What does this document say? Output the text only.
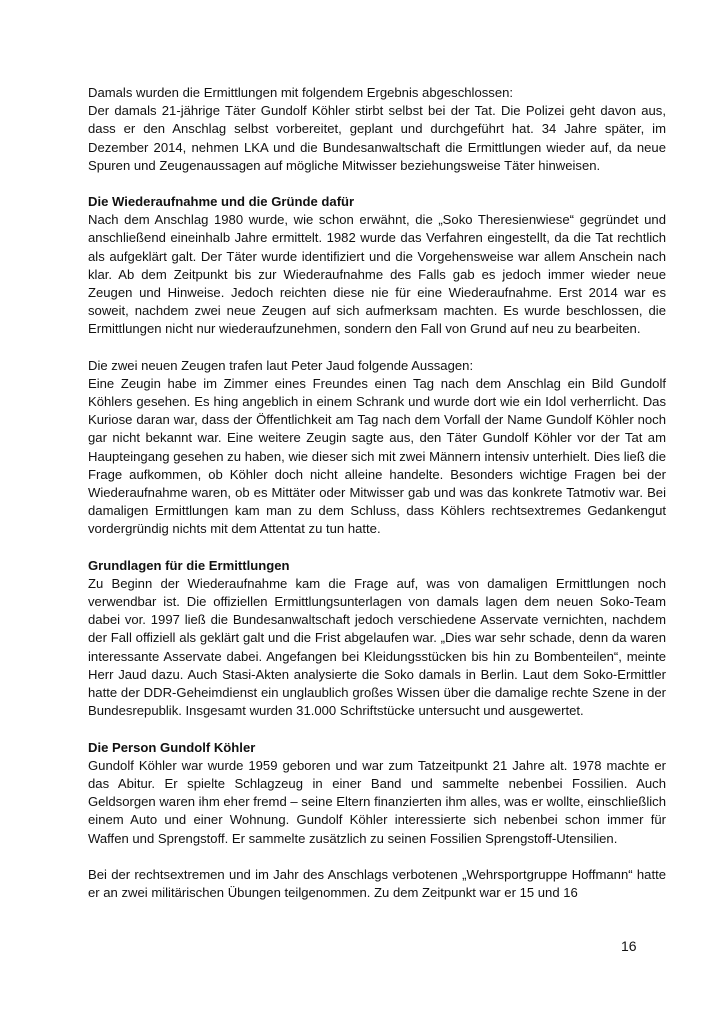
Damals wurden die Ermittlungen mit folgendem Ergebnis abgeschlossen:

Der damals 21-jährige Täter Gundolf Köhler stirbt selbst bei der Tat. Die Polizei geht davon aus, dass er den Anschlag selbst vorbereitet, geplant und durchgeführt hat. 34 Jahre später, im Dezember 2014, nehmen LKA und die Bundesanwaltschaft die Ermittlungen wieder auf, da neue Spuren und Zeugenaussagen auf mögliche Mitwisser beziehungsweise Täter hinweisen.

Die Wiederaufnahme und die Gründe dafür

Nach dem Anschlag 1980 wurde, wie schon erwähnt, die „Soko Theresienwiese“ gegründet und anschließend eineinhalb Jahre ermittelt. 1982 wurde das Verfahren eingestellt, da die Tat rechtlich als aufgeklärt galt. Der Täter wurde identifiziert und die Vorgehensweise war allem Anschein nach klar. Ab dem Zeitpunkt bis zur Wiederaufnahme des Falls gab es jedoch immer wieder neue Zeugen und Hinweise. Jedoch reichten diese nie für eine Wiederaufnahme. Erst 2014 war es soweit, nachdem zwei neue Zeugen auf sich aufmerksam machten. Es wurde beschlossen, die Ermittlungen nicht nur wiederaufzunehmen, sondern den Fall von Grund auf neu zu bearbeiten.

Die zwei neuen Zeugen trafen laut Peter Jaud folgende Aussagen:

Eine Zeugin habe im Zimmer eines Freundes einen Tag nach dem Anschlag ein Bild Gundolf Köhlers gesehen. Es hing angeblich in einem Schrank und wurde dort wie ein Idol verherrlicht. Das Kuriose daran war, dass der Öffentlichkeit am Tag nach dem Vorfall der Name Gundolf Köhler noch gar nicht bekannt war. Eine weitere Zeugin sagte aus, den Täter Gundolf Köhler vor der Tat am Haupteingang gesehen zu haben, wie dieser sich mit zwei Männern intensiv unterhielt. Dies ließ die Frage aufkommen, ob Köhler doch nicht alleine handelte. Besonders wichtige Fragen bei der Wiederaufnahme waren, ob es Mittäter oder Mitwisser gab und was das konkrete Tatmotiv war. Bei damaligen Ermittlungen kam man zu dem Schluss, dass Köhlers rechtsextremes Gedankengut vordergründig nichts mit dem Attentat zu tun hatte.

Grundlagen für die Ermittlungen

Zu Beginn der Wiederaufnahme kam die Frage auf, was von damaligen Ermittlungen noch verwendbar ist. Die offiziellen Ermittlungsunterlagen von damals lagen dem neuen Soko-Team dabei vor. 1997 ließ die Bundesanwaltschaft jedoch verschiedene Asservate vernichten, nachdem der Fall offiziell als geklärt galt und die Frist abgelaufen war. „Dies war sehr schade, denn da waren interessante Asservate dabei. Angefangen bei Kleidungsstücken bis hin zu Bombenteilen“, meinte Herr Jaud dazu. Auch Stasi-Akten analysierte die Soko damals in Berlin. Laut dem Soko-Ermittler hatte der DDR-Geheimdienst ein unglaublich großes Wissen über die damalige rechte Szene in der Bundesrepublik. Insgesamt wurden 31.000 Schriftstücke untersucht und ausgewertet.

Die Person Gundolf Köhler

Gundolf Köhler war wurde 1959 geboren und war zum Tatzeitpunkt 21 Jahre alt. 1978 machte er das Abitur. Er spielte Schlagzeug in einer Band und sammelte nebenbei Fossilien. Auch Geldsorgen waren ihm eher fremd – seine Eltern finanzierten ihm alles, was er wollte, einschließlich einem Auto und einer Wohnung. Gundolf Köhler interessierte sich nebenbei schon immer für Waffen und Sprengstoff. Er sammelte zusätzlich zu seinen Fossilien Sprengstoff-Utensilien.

Bei der rechtsextremen und im Jahr des Anschlags verbotenen „Wehrsportgruppe Hoffmann“ hatte er an zwei militärischen Übungen teilgenommen. Zu dem Zeitpunkt war er 15 und 16

16
